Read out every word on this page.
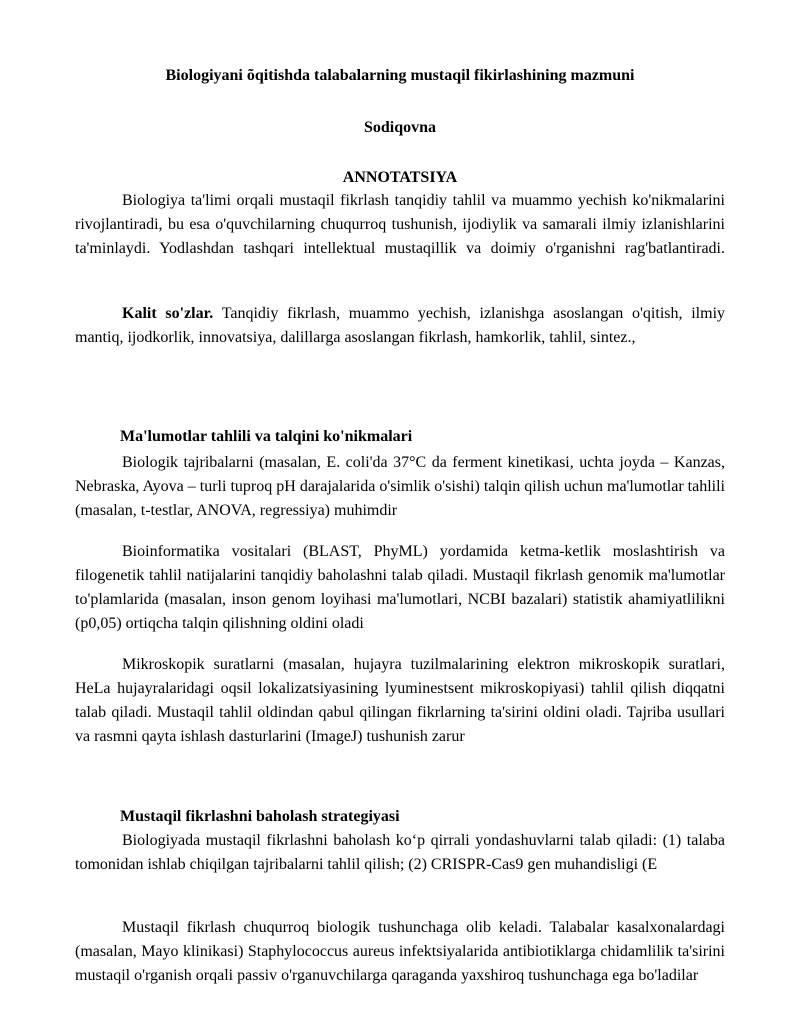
Biologiyani õqitishda talabalarning mustaqil fikirlashining mazmuni
Sodiqovna
ANNOTATSIYA
Biologiya ta'limi orqali mustaqil fikrlash tanqidiy tahlil va muammo yechish ko'nikmalarini rivojlantiradi, bu esa o'quvchilarning chuqurroq tushunish, ijodiylik va samarali ilmiy izlanishlarini ta'minlaydi. Yodlashdan tashqari intellektual mustaqillik va doimiy o'rganishni rag'batlantiradi.
Kalit so'zlar. Tanqidiy fikrlash, muammo yechish, izlanishga asoslangan o'qitish, ilmiy mantiq, ijodkorlik, innovatsiya, dalillarga asoslangan fikrlash, hamkorlik, tahlil, sintez.,
Ma'lumotlar tahlili va talqini ko'nikmalari
Biologik tajribalarni (masalan, E. coli'da 37°C da ferment kinetikasi, uchta joyda – Kanzas, Nebraska, Ayova – turli tuproq pH darajalarida o'simlik o'sishi) talqin qilish uchun ma'lumotlar tahlili (masalan, t-testlar, ANOVA, regressiya) muhimdir
Bioinformatika vositalari (BLAST, PhyML) yordamida ketma-ketlik moslashtirish va filogenetik tahlil natijalarini tanqidiy baholashni talab qiladi. Mustaqil fikrlash genomik ma'lumotlar to'plamlarida (masalan, inson genom loyihasi ma'lumotlari, NCBI bazalari) statistik ahamiyatlilikni (p0,05) ortiqcha talqin qilishning oldini oladi
Mikroskopik suratlarni (masalan, hujayra tuzilmalarining elektron mikroskopik suratlari, HeLa hujayralaridagi oqsil lokalizatsiyasining lyuminestsent mikroskopiyasi) tahlil qilish diqqatni talab qiladi. Mustaqil tahlil oldindan qabul qilingan fikrlarning ta'sirini oldini oladi. Tajriba usullari va rasmni qayta ishlash dasturlarini (ImageJ) tushunish zarur
Mustaqil fikrlashni baholash strategiyasi
Biologiyada mustaqil fikrlashni baholash ko‘p qirrali yondashuvlarni talab qiladi: (1) talaba tomonidan ishlab chiqilgan tajribalarni tahlil qilish; (2) CRISPR-Cas9 gen muhandisligi (E
Mustaqil fikrlash chuqurroq biologik tushunchaga olib keladi. Talabalar kasalxonalardagi (masalan, Mayo klinikasi) Staphylococcus aureus infektsiyalarida antibiotiklarga chidamlilik ta'sirini mustaqil o'rganish orqali passiv o'rganuvchilarga qaraganda yaxshiroq tushunchaga ega bo'ladilar
